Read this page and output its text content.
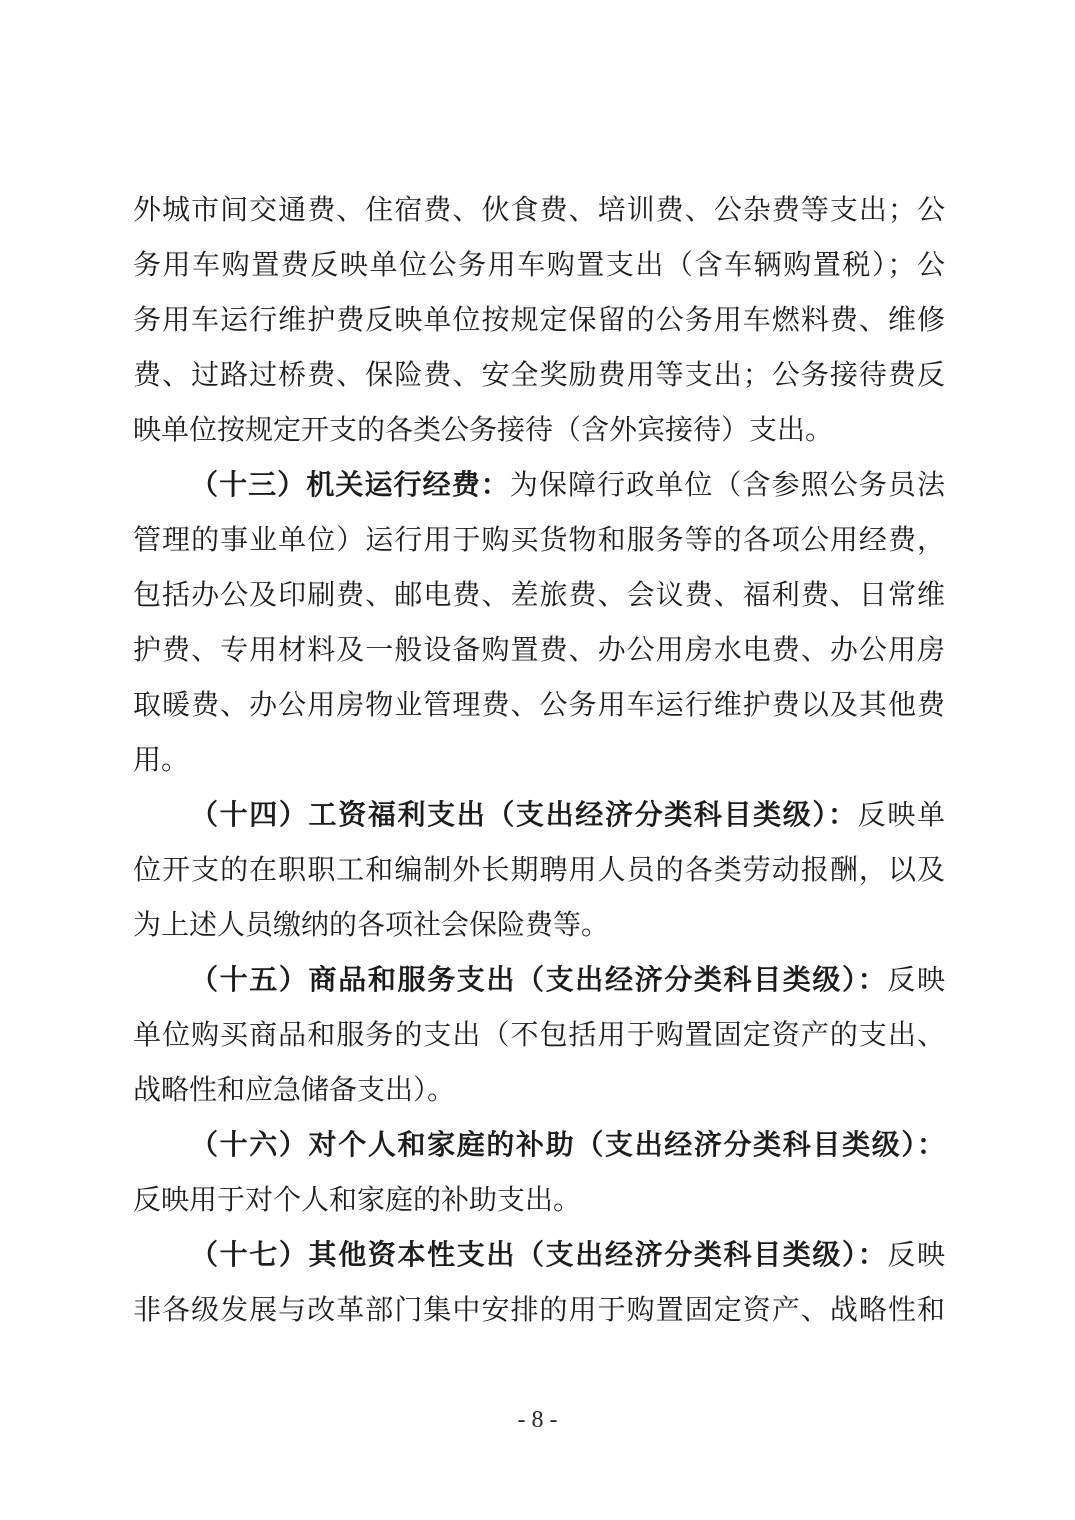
外城市间交通费、住宿费、伙食费、培训费、公杂费等支出；公
务用车购置费反映单位公务用车购置支出（含车辆购置税）；公
务用车运行维护费反映单位按规定保留的公务用车燃料费、维修
费、过路过桥费、保险费、安全奖励费用等支出；公务接待费反
映单位按规定开支的各类公务接待（含外宾接待）支出。
（十三）机关运行经费：为保障行政单位（含参照公务员法
管理的事业单位）运行用于购买货物和服务等的各项公用经费，
包括办公及印刷费、邮电费、差旅费、会议费、福利费、日常维
护费、专用材料及一般设备购置费、办公用房水电费、办公用房
取暖费、办公用房物业管理费、公务用车运行维护费以及其他费
用。
（十四）工资福利支出（支出经济分类科目类级）：反映单
位开支的在职职工和编制外长期聘用人员的各类劳动报酬，以及
为上述人员缴纳的各项社会保险费等。
（十五）商品和服务支出（支出经济分类科目类级）：反映
单位购买商品和服务的支出（不包括用于购置固定资产的支出、
战略性和应急储备支出）。
（十六）对个人和家庭的补助（支出经济分类科目类级）：
反映用于对个人和家庭的补助支出。
（十七）其他资本性支出（支出经济分类科目类级）：反映
非各级发展与改革部门集中安排的用于购置固定资产、战略性和
- 8 -
